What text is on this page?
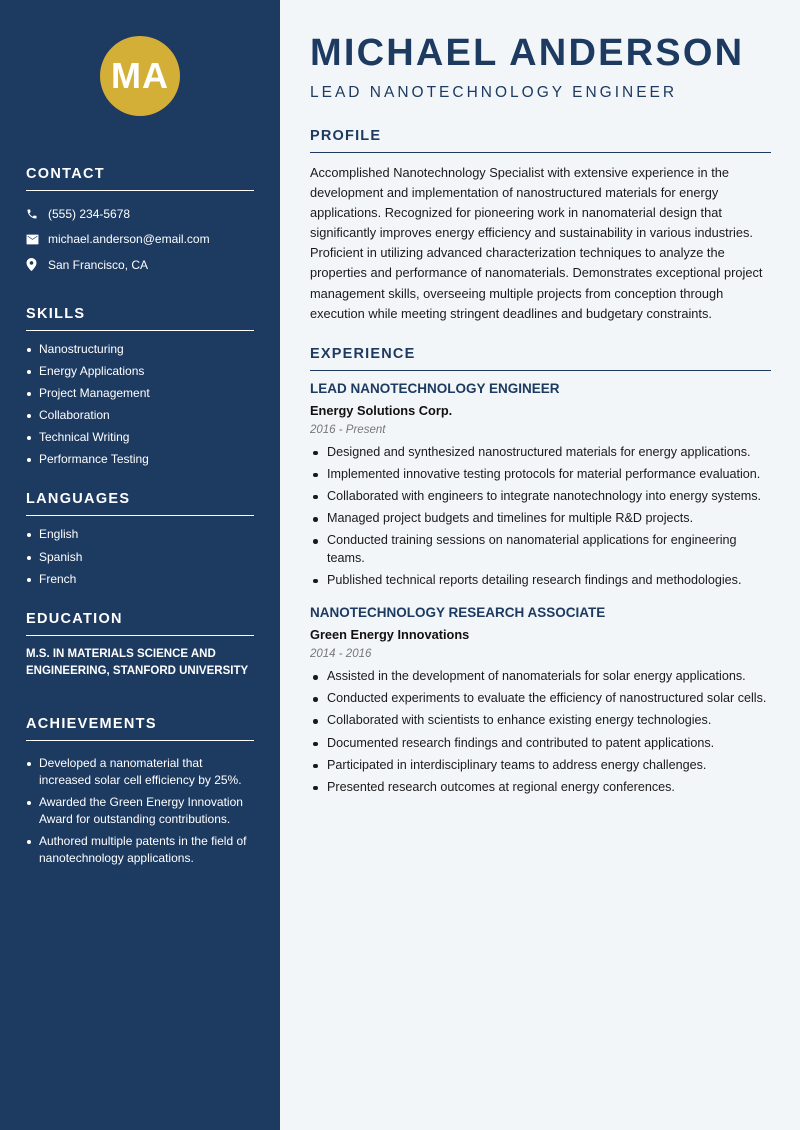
MA
CONTACT
(555) 234-5678
michael.anderson@email.com
San Francisco, CA
SKILLS
Nanostructuring
Energy Applications
Project Management
Collaboration
Technical Writing
Performance Testing
LANGUAGES
English
Spanish
French
EDUCATION
M.S. IN MATERIALS SCIENCE AND ENGINEERING, STANFORD UNIVERSITY
ACHIEVEMENTS
Developed a nanomaterial that increased solar cell efficiency by 25%.
Awarded the Green Energy Innovation Award for outstanding contributions.
Authored multiple patents in the field of nanotechnology applications.
MICHAEL ANDERSON
LEAD NANOTECHNOLOGY ENGINEER
PROFILE

Accomplished Nanotechnology Specialist with extensive experience in the development and implementation of nanostructured materials for energy applications. Recognized for pioneering work in nanomaterial design that significantly improves energy efficiency and sustainability in various industries. Proficient in utilizing advanced characterization techniques to analyze the properties and performance of nanomaterials. Demonstrates exceptional project management skills, overseeing multiple projects from conception through execution while meeting stringent deadlines and budgetary constraints.

EXPERIENCE
LEAD NANOTECHNOLOGY ENGINEER
Energy Solutions Corp.
2016 - Present
Designed and synthesized nanostructured materials for energy applications.
Implemented innovative testing protocols for material performance evaluation.
Collaborated with engineers to integrate nanotechnology into energy systems.
Managed project budgets and timelines for multiple R&D projects.
Conducted training sessions on nanomaterial applications for engineering teams.
Published technical reports detailing research findings and methodologies.
NANOTECHNOLOGY RESEARCH ASSOCIATE
Green Energy Innovations
2014 - 2016
Assisted in the development of nanomaterials for solar energy applications.
Conducted experiments to evaluate the efficiency of nanostructured solar cells.
Collaborated with scientists to enhance existing energy technologies.
Documented research findings and contributed to patent applications.
Participated in interdisciplinary teams to address energy challenges.
Presented research outcomes at regional energy conferences.
